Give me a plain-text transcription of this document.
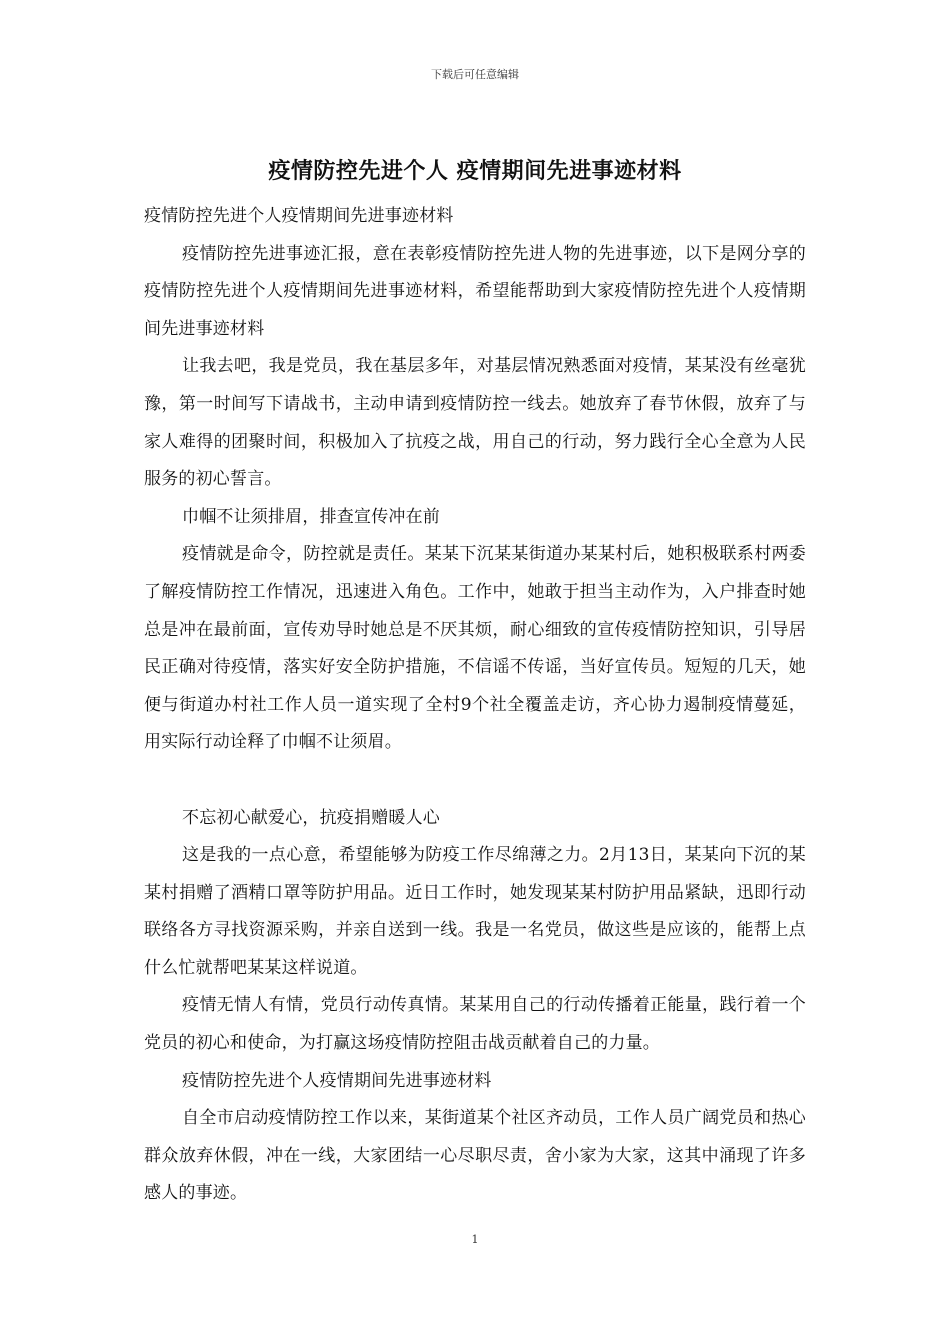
下载后可任意编辑
疫情防控先进个人 疫情期间先进事迹材料

疫情防控先进个人疫情期间先进事迹材料

疫情防控先进事迹汇报，意在表彰疫情防控先进人物的先进事迹，以下是网分享的疫情防控先进个人疫情期间先进事迹材料，希望能帮助到大家疫情防控先进个人疫情期间先进事迹材料

让我去吧，我是党员，我在基层多年，对基层情况熟悉面对疫情，某某没有丝毫犹豫，第一时间写下请战书，主动申请到疫情防控一线去。她放弃了春节休假，放弃了与家人难得的团聚时间，积极加入了抗疫之战，用自己的行动，努力践行全心全意为人民服务的初心誓言。

巾帼不让须排眉，排查宣传冲在前

疫情就是命令，防控就是责任。某某下沉某某街道办某某村后，她积极联系村两委了解疫情防控工作情况，迅速进入角色。工作中，她敢于担当主动作为，入户排查时她总是冲在最前面，宣传劝导时她总是不厌其烦，耐心细致的宣传疫情防控知识，引导居民正确对待疫情，落实好安全防护措施，不信谣不传谣，当好宣传员。短短的几天，她便与街道办村社工作人员一道实现了全村9个社全覆盖走访，齐心协力遏制疫情蔓延，用实际行动诠释了巾帼不让须眉。

不忘初心献爱心，抗疫捐赠暖人心

这是我的一点心意，希望能够为防疫工作尽绵薄之力。2月13日，某某向下沉的某某村捐赠了酒精口罩等防护用品。近日工作时，她发现某某村防护用品紧缺，迅即行动联络各方寻找资源采购，并亲自送到一线。我是一名党员，做这些是应该的，能帮上点什么忙就帮吧某某这样说道。

疫情无情人有情，党员行动传真情。某某用自己的行动传播着正能量，践行着一个党员的初心和使命，为打赢这场疫情防控阻击战贡献着自己的力量。

疫情防控先进个人疫情期间先进事迹材料

自全市启动疫情防控工作以来，某街道某个社区齐动员，工作人员广阔党员和热心群众放弃休假，冲在一线，大家团结一心尽职尽责，舍小家为大家，这其中涌现了许多感人的事迹。

1
